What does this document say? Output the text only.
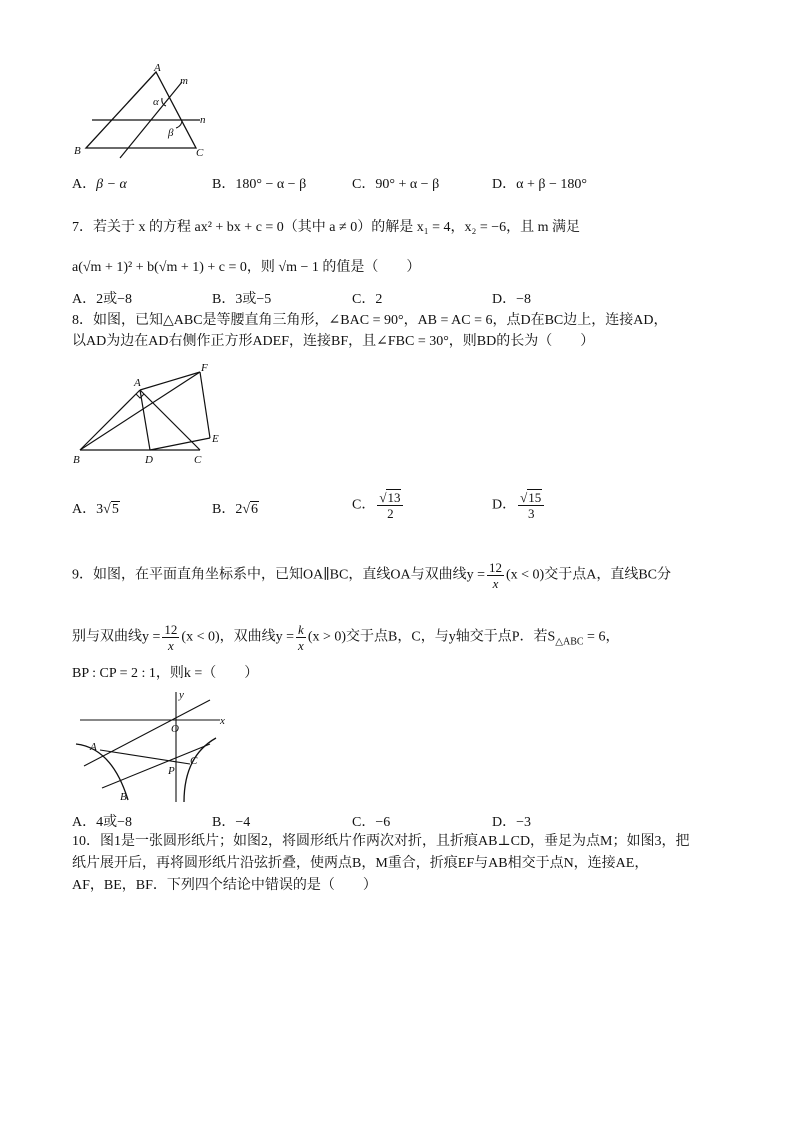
A
m
α
n
β
B	C
A．β − α	B．180° − α − β	C．90° + α − β	D．α + β − 180°
7．若关于 x 的方程 ax² + bx + c = 0（其中 a ≠ 0）的解是 x₁ = 4，x₂ = −6，且 m 满足
a(√m + 1)² + b(√m + 1) + c = 0，则 √m − 1 的值是（　　）
A．2或−8	B．3或−5	C．2	D．−8
8．如图，已知△ABC是等腰直角三角形，∠BAC = 90°，AB = AC = 6，点D在BC边上，连接AD，
以AD为边在AD右侧作正方形ADEF，连接BF，且∠FBC = 30°，则BD的长为（　　）
A
F
E
B	D	C
A．3√5	B．2√6	C． $\frac{√13}{2}$	D． $\frac{√15}{3}$
9．如图，在平面直角坐标系中，已知OA∥BC，直线OA与双曲线$y = \frac{12}{x} (x < 0)$交于点A，直线BC分
别与双曲线$y = \frac{12}{x} (x < 0)$，双曲线$y = \frac{k}{x} (x > 0)$交于点B，C，与y轴交于点P．若$S_{\triangle ABC} = 6$，
BP : CP = 2 : 1，则k =（　　）
y
x
O
A
B
P
C
A．4或−8	B．−4	C．−6	D．−3
10．图1是一张圆形纸片；如图2，将圆形纸片作两次对折，且折痕AB⊥CD，垂足为点M；如图3，把
纸片展开后，再将圆形纸片沿弦折叠，使两点B，M重合，折痕EF与AB相交于点N，连接AE，
AF，BE，BF．下列四个结论中错误的是（　　）
